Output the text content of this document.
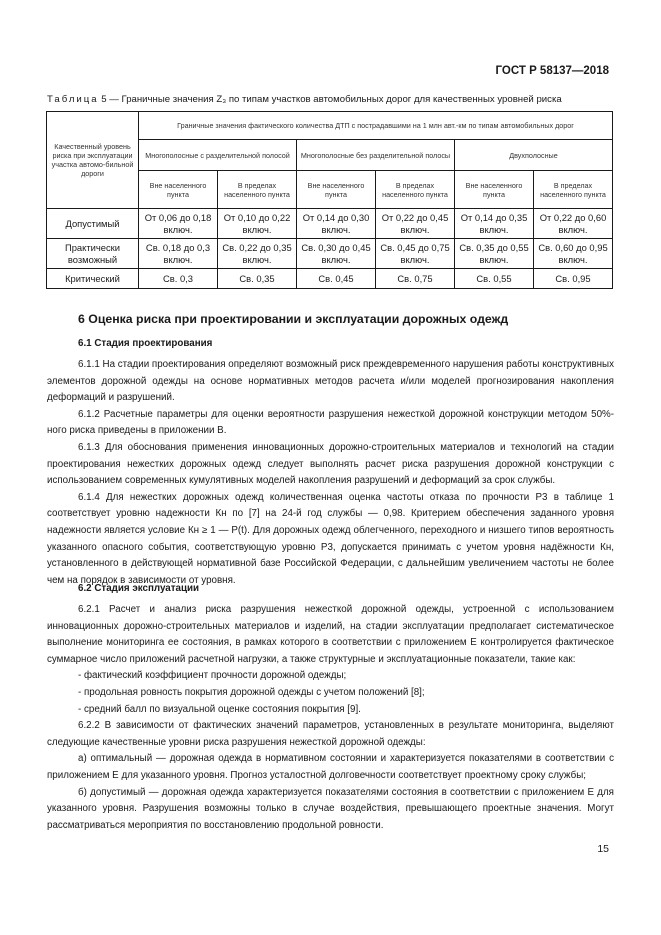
ГОСТ Р 58137—2018
Таблица 5 — Граничные значения Z₃ по типам участков автомобильных дорог для качественных уровней риска
Качественный уровень риска при эксплуатации участка автомо-бильной дороги	Граничные значения фактического количества ДТП с пострадавшими на 1 млн авт.-км по типам автомобильных дорог					
	Многополосные с разделительной полосой		Многополосные без разделительной полосы		Двухполосные	
	Вне населенного пункта	В пределах населенного пункта	Вне населенного пункта	В пределах населенного пункта	Вне населенного пункта	В пределах населенного пункта
Допустимый	От 0,06 до 0,18 включ.	От 0,10 до 0,22 включ.	От 0,14 до 0,30 включ.	От 0,22 до 0,45 включ.	От 0,14 до 0,35 включ.	От 0,22 до 0,60 включ.
Практически возможный	Св. 0,18 до 0,3 включ.	Св. 0,22 до 0,35 включ.	Св. 0,30 до 0,45 включ.	Св. 0,45 до 0,75 включ.	Св. 0,35 до 0,55 включ.	Св. 0,60 до 0,95 включ.
Критический	Св. 0,3	Св. 0,35	Св. 0,45	Св. 0,75	Св. 0,55	Св. 0,95
6 Оценка риска при проектировании и эксплуатации дорожных одежд
6.1 Стадия проектирования

6.1.1 На стадии проектирования определяют возможный риск преждевременного нарушения работы конструктивных элементов дорожной одежды на основе нормативных методов расчета и/или моделей прогнозирования накопления деформаций и разрушений.

6.1.2 Расчетные параметры для оценки вероятности разрушения нежесткой дорожной конструкции методом 50%-ного риска приведены в приложении В.

6.1.3 Для обоснования применения инновационных дорожно-строительных материалов и технологий на стадии проектирования нежестких дорожных одежд следует выполнять расчет риска разрушения дорожной конструкции с использованием современных кумулятивных моделей накопления разрушений и деформаций за срок службы.

6.1.4 Для нежестких дорожных одежд количественная оценка частоты отказа по прочности Р3 в таблице 1 соответствует уровню надежности Кн по [7] на 24-й год службы — 0,98. Критерием обеспечения заданного уровня надежности является условие Кн ≥ 1 — Р(t). Для дорожных одежд облегченного, переходного и низшего типов вероятность указанного опасного события, соответствующую уровню Р3, допускается принимать с учетом уровня надёжности Кн, установленного в действующей нормативной базе Российской Федерации, с дальнейшим увеличением частоты не более чем на порядок в зависимости от уровня.

6.2 Стадия эксплуатации

6.2.1 Расчет и анализ риска разрушения нежесткой дорожной одежды, устроенной с использованием инновационных дорожно-строительных материалов и изделий, на стадии эксплуатации предполагает систематическое выполнение мониторинга ее состояния, в рамках которого в соответствии с приложением Е контролируется фактическое суммарное число приложений расчетной нагрузки, а также структурные и эксплуатационные показатели, такие как:

- фактический коэффициент прочности дорожной одежды;

- продольная ровность покрытия дорожной одежды с учетом положений [8];

- средний балл по визуальной оценке состояния покрытия [9].

6.2.2 В зависимости от фактических значений параметров, установленных в результате мониторинга, выделяют следующие качественные уровни риска разрушения нежесткой дорожной одежды:

а) оптимальный — дорожная одежда в нормативном состоянии и характеризуется показателями в соответствии с приложением Е для указанного уровня. Прогноз усталостной долговечности соответствует проектному сроку службы;

б) допустимый — дорожная одежда характеризуется показателями состояния в соответствии с приложением Е для указанного уровня. Разрушения возможны только в случае воздействия, превышающего проектные значения. Могут рассматриваться мероприятия по восстановлению продольной ровности.

15
